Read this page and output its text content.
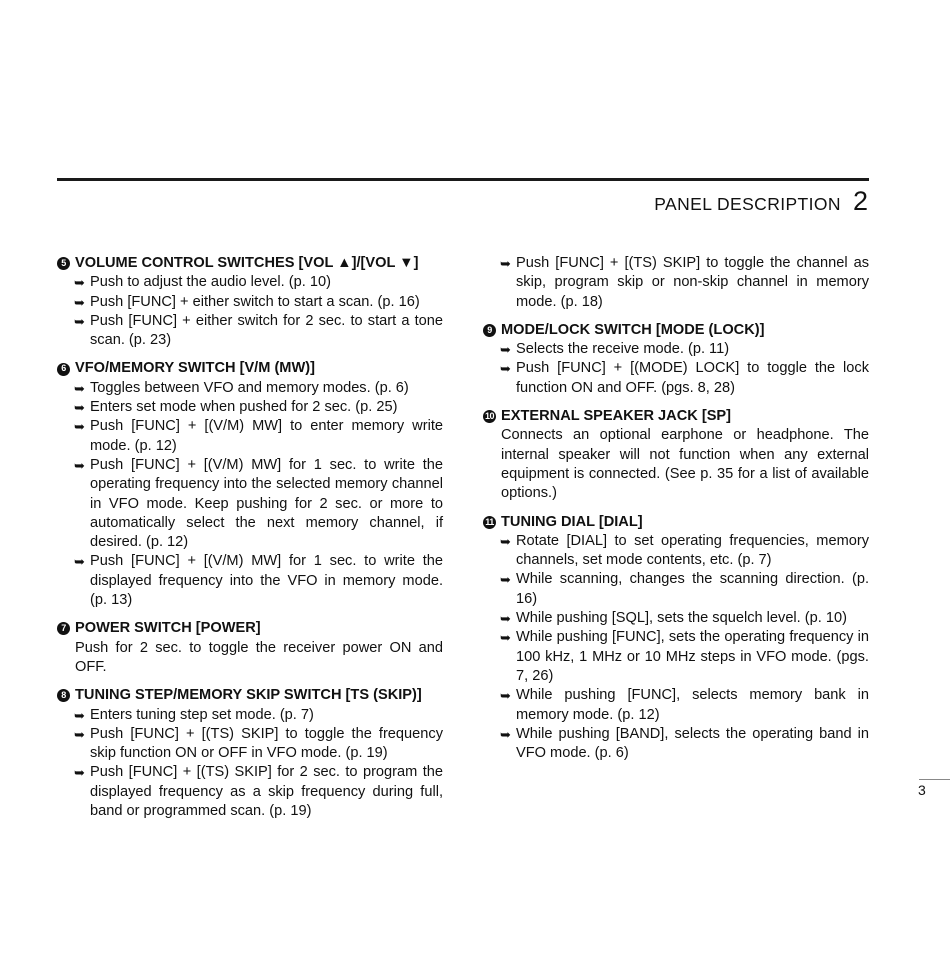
PANEL DESCRIPTION 2
5 VOLUME CONTROL SWITCHES [VOL ▲]/[VOL ▼]
➥ Push to adjust the audio level. (p. 10)
➥ Push [FUNC] + either switch to start a scan. (p. 16)
➥ Push [FUNC] + either switch for 2 sec. to start a tone scan. (p. 23)
6 VFO/MEMORY SWITCH [V/M (MW)]
➥ Toggles between VFO and memory modes. (p. 6)
➥ Enters set mode when pushed for 2 sec. (p. 25)
➥ Push [FUNC] + [(V/M) MW] to enter memory write mode. (p. 12)
➥ Push [FUNC] + [(V/M) MW] for 1 sec. to write the operating frequency into the selected memory channel in VFO mode. Keep pushing for 2 sec. or more to automatically select the next memory channel, if desired. (p. 12)
➥ Push [FUNC] + [(V/M) MW] for 1 sec. to write the displayed frequency into the VFO in memory mode. (p. 13)
7 POWER SWITCH [POWER]
Push for 2 sec. to toggle the receiver power ON and OFF.
8 TUNING STEP/MEMORY SKIP SWITCH [TS (SKIP)]
➥ Enters tuning step set mode. (p. 7)
➥ Push [FUNC] + [(TS) SKIP] to toggle the frequency skip function ON or OFF in VFO mode. (p. 19)
➥ Push [FUNC] + [(TS) SKIP] for 2 sec. to program the displayed frequency as a skip frequency during full, band or programmed scan. (p. 19)
➥ Push [FUNC] + [(TS) SKIP] to toggle the channel as skip, program skip or non-skip channel in memory mode. (p. 18)
9 MODE/LOCK SWITCH [MODE (LOCK)]
➥ Selects the receive mode. (p. 11)
➥ Push [FUNC] + [(MODE) LOCK] to toggle the lock function ON and OFF. (pgs. 8, 28)
10 EXTERNAL SPEAKER JACK [SP]
Connects an optional earphone or headphone. The internal speaker will not function when any external equipment is connected. (See p. 35 for a list of available options.)
11 TUNING DIAL [DIAL]
➥ Rotate [DIAL] to set operating frequencies, memory channels, set mode contents, etc. (p. 7)
➥ While scanning, changes the scanning direction. (p. 16)
➥ While pushing [SQL], sets the squelch level. (p. 10)
➥ While pushing [FUNC], sets the operating frequency in 100 kHz, 1 MHz or 10 MHz steps in VFO mode. (pgs. 7, 26)
➥ While pushing [FUNC], selects memory bank in memory mode. (p. 12)
➥ While pushing [BAND], selects the operating band in VFO mode. (p. 6)
3
